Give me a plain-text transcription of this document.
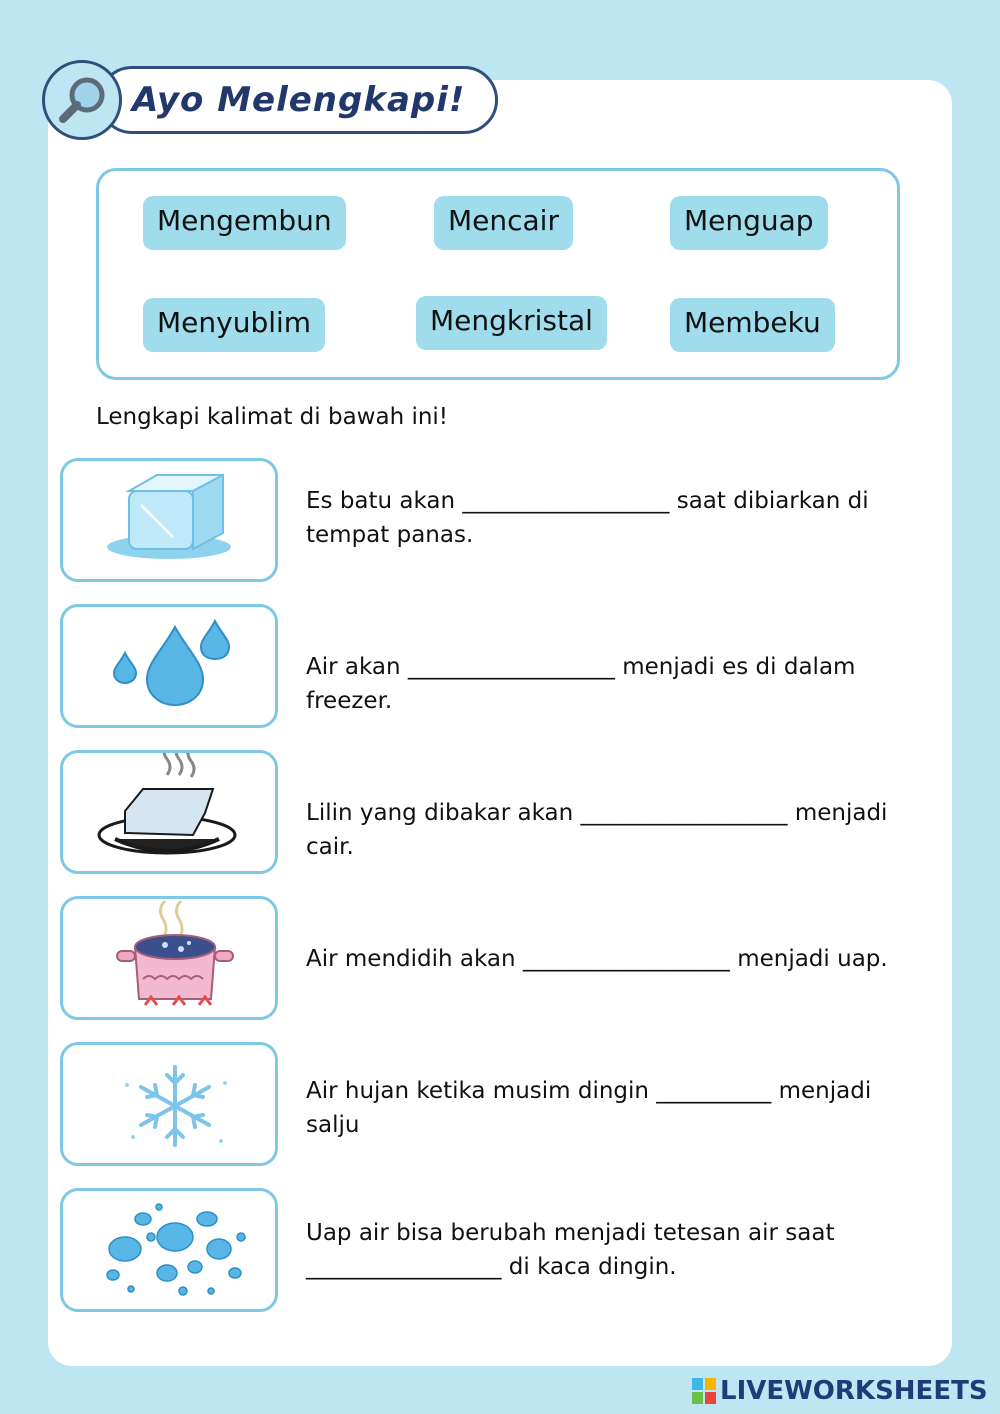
Ayo Melengkapi!
Mengembun	Mencair	Menguap
Menyublim	Mengkristal	Membeku
Lengkapi kalimat di bawah ini!
Es batu akan __________________ saat dibiarkan di
tempat panas.
Air akan __________________ menjadi es di dalam
freezer.
Lilin yang dibakar akan __________________ menjadi
cair.
Air mendidih akan __________________ menjadi uap.
Air hujan ketika musim dingin __________ menjadi
salju
Uap air bisa berubah menjadi tetesan air saat
_________________ di kaca dingin.
LIVEWORKSHEETS
